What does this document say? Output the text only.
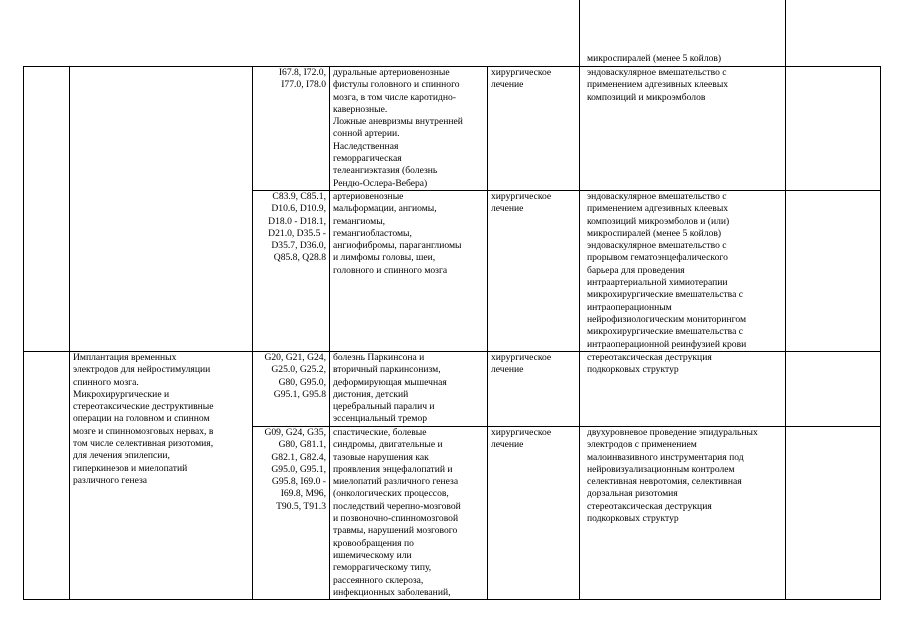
микроспиралей (менее 5 койлов)
I67.8, I72.0,
I77.0, I78.0
дуральные артериовенозные
фистулы головного и спинного
мозга, в том числе каротидно-
кавернозные.
Ложные аневризмы внутренней
сонной артерии.
Наследственная
геморрагическая
телеангиэктазия (болезнь
Рендю-Ослера-Вебера)
хирургическое
лечение
эндоваскулярное вмешательство с
применением адгезивных клеевых
композиций и микроэмболов
C83.9, C85.1,
D10.6, D10.9,
D18.0 - D18.1,
D21.0, D35.5 -
D35.7, D36.0,
Q85.8, Q28.8
артериовенозные
мальформации, ангиомы,
гемангиомы,
гемангиобластомы,
ангиофибромы, параганглиомы
и лимфомы головы, шеи,
головного и спинного мозга
хирургическое
лечение
эндоваскулярное вмешательство с
применением адгезивных клеевых
композиций микроэмболов и (или)
микроспиралей (менее 5 койлов)
эндоваскулярное вмешательство с
прорывом гематоэнцефалического
барьера для проведения
интраартериальной химиотерапии
микрохирургические вмешательства с
интраоперационным
нейрофизиологическим мониторингом
микрохирургические вмешательства с
интраоперационной реинфузией крови
Имплантация временных
электродов для нейростимуляции
спинного мозга.
Микрохирургические и
стереотаксические деструктивные
операции на головном и спинном
мозге и спинномозговых нервах, в
том числе селективная ризотомия,
для лечения эпилепсии,
гиперкинезов и миелопатий
различного генеза
G20, G21, G24,
G25.0, G25.2,
G80, G95.0,
G95.1, G95.8
болезнь Паркинсона и
вторичный паркинсонизм,
деформирующая мышечная
дистония, детский
церебральный паралич и
эссенциальный тремор
хирургическое
лечение
стереотаксическая деструкция
подкорковых структур
G09, G24, G35,
G80, G81.1,
G82.1, G82.4,
G95.0, G95.1,
G95.8, I69.0 -
I69.8, M96,
T90.5, T91.3
спастические, болевые
синдромы, двигательные и
тазовые нарушения как
проявления энцефалопатий и
миелопатий различного генеза
(онкологических процессов,
последствий черепно-мозговой
и позвоночно-спинномозговой
травмы, нарушений мозгового
кровообращения по
ишемическому или
геморрагическому типу,
рассеянного склероза,
инфекционных заболеваний,
хирургическое
лечение
двухуровневое проведение эпидуральных
электродов с применением
малоинвазивного инструментария под
нейровизуализационным контролем
селективная невротомия, селективная
дорзальная ризотомия
стереотаксическая деструкция
подкорковых структур
